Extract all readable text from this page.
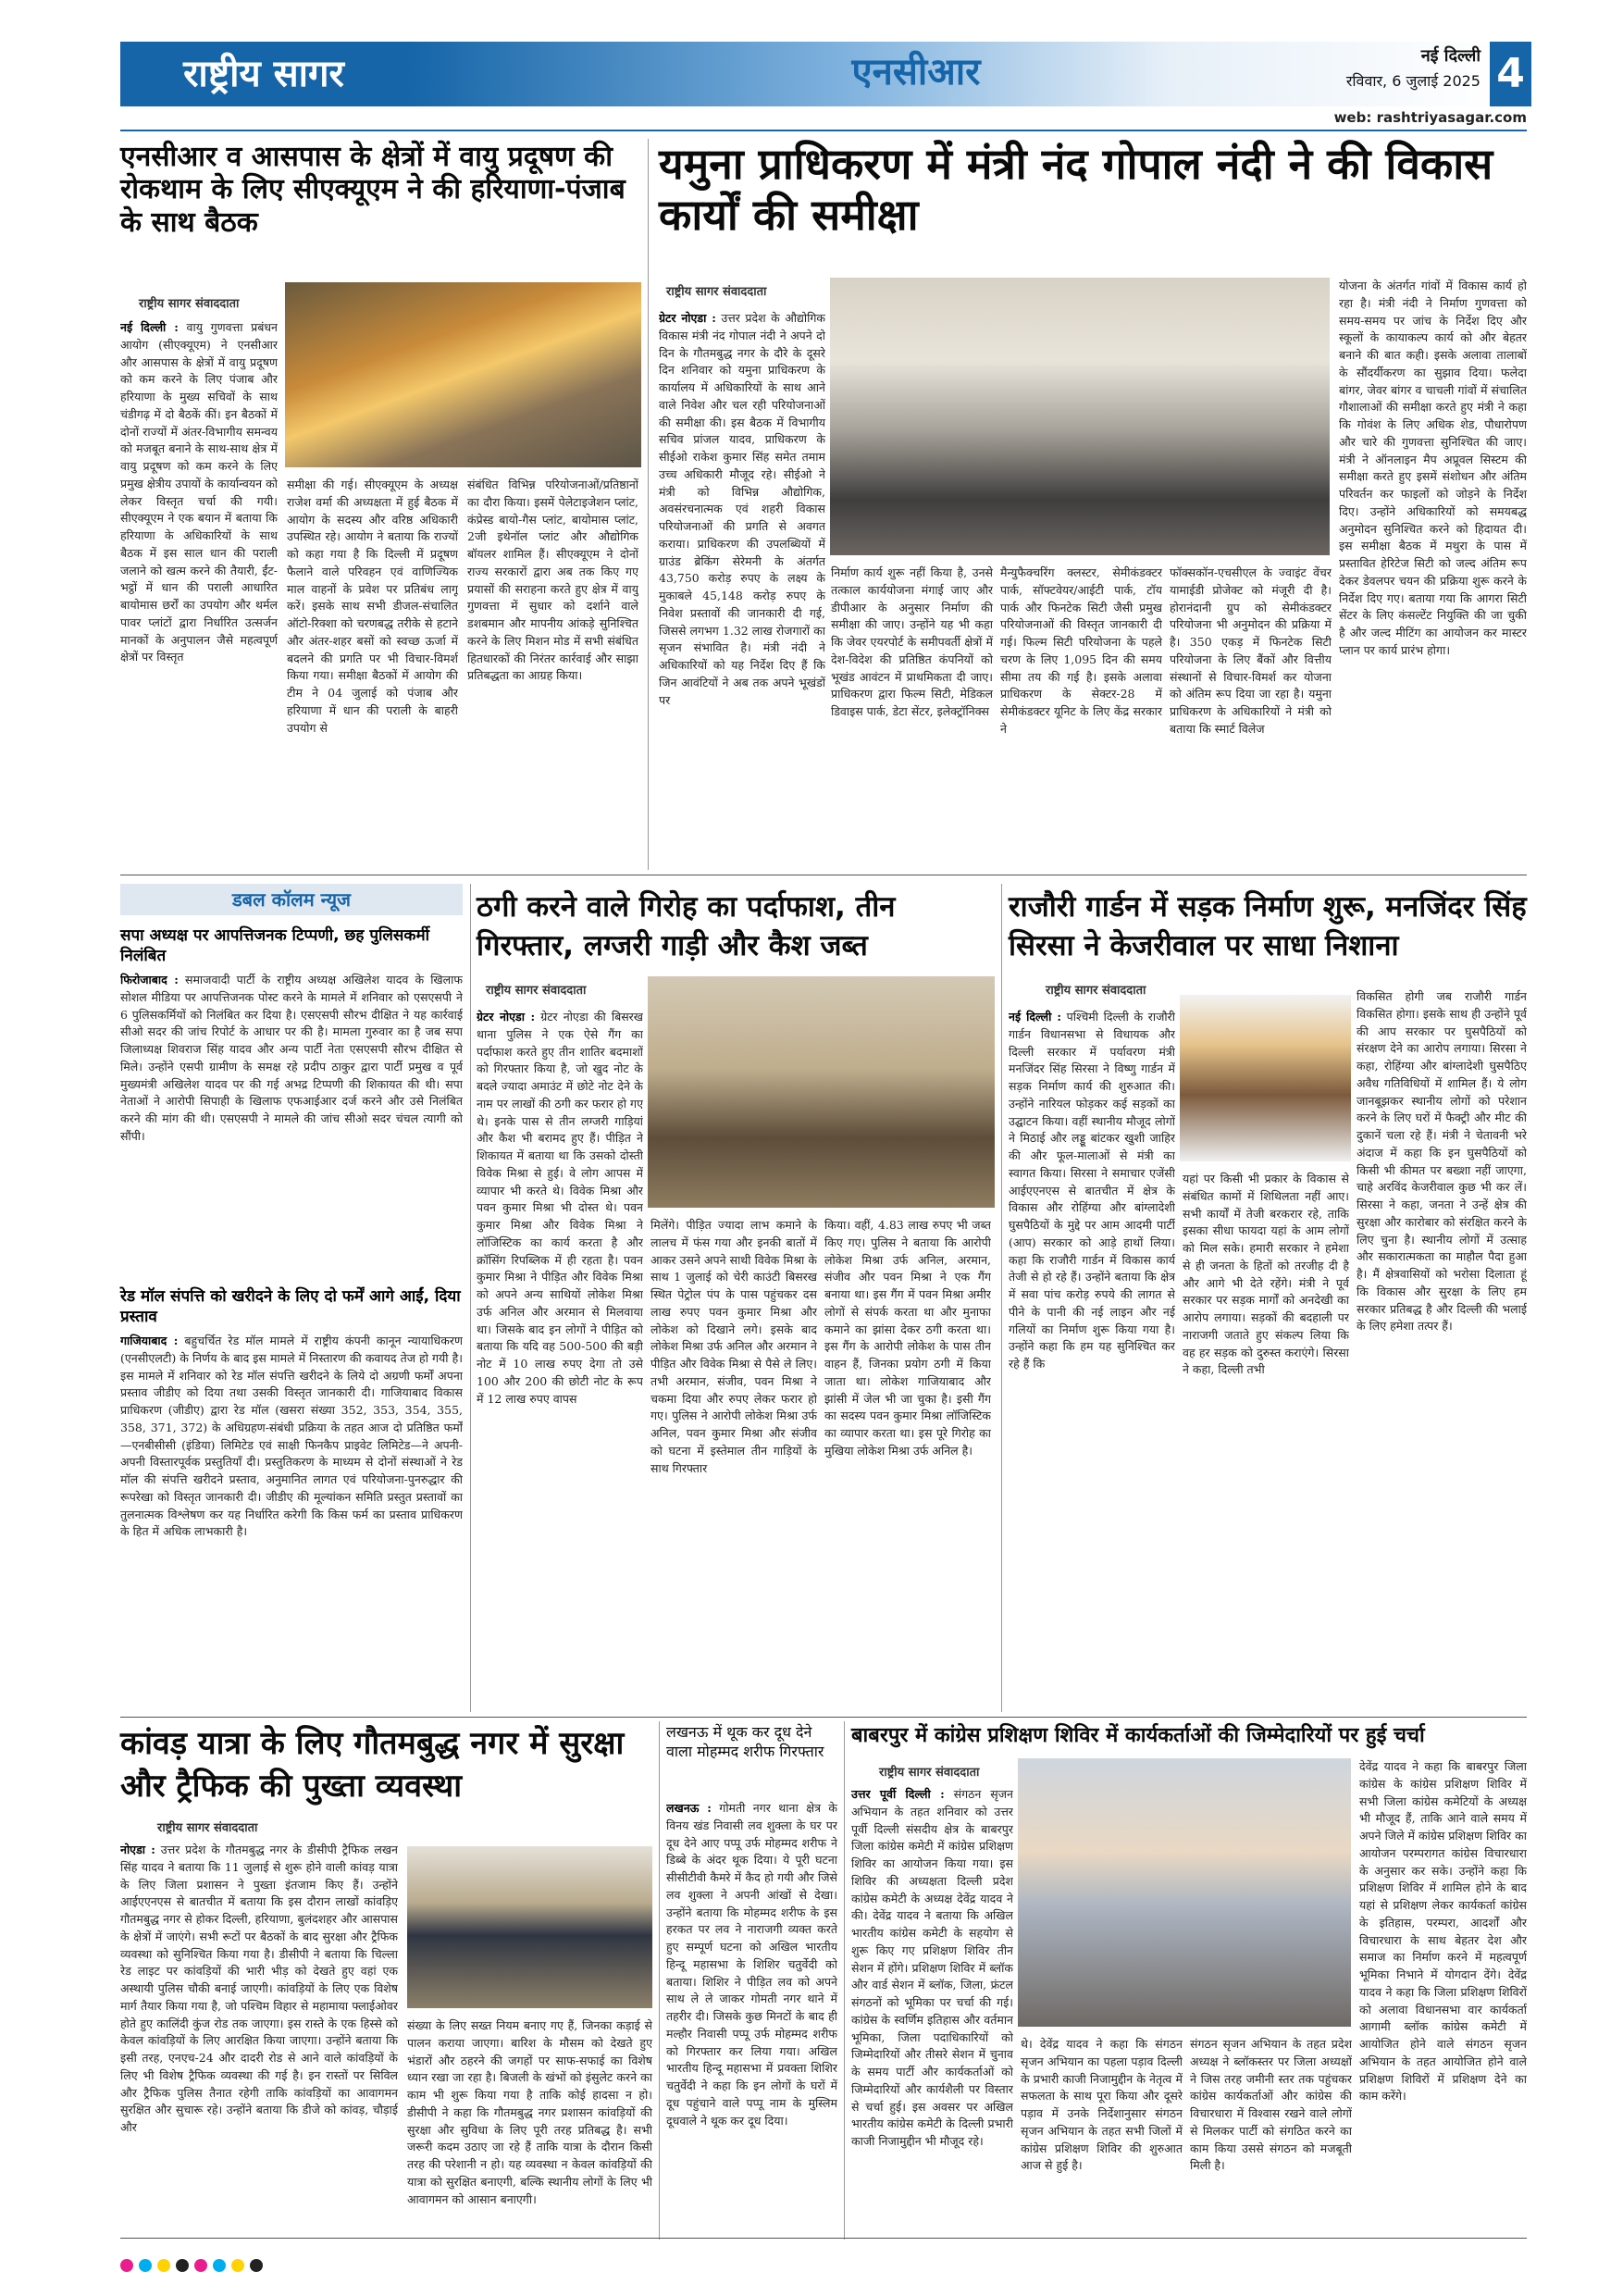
राष्ट्रीय सागर	एनसीआर	नई दिल्ली
रविवार, 6 जुलाई 2025 4
web: rashtriyasagar.com
एनसीआर व आसपास के क्षेत्रों में वायु प्रदूषण की रोकथाम के लिए सीएक्यूएम ने की हरियाणा-पंजाब के साथ बैठक
राष्ट्रीय सागर संवाददाता
नई दिल्ली : वायु गुणवत्ता प्रबंधन आयोग (सीएक्यूएम) ने एनसीआर और आसपास के क्षेत्रों में वायु प्रदूषण को कम करने के लिए पंजाब और हरियाणा के मुख्य सचिवों के साथ चंडीगढ़ में दो बैठकें कीं। इन बैठकों में दोनों राज्यों में अंतर-विभागीय समन्वय को मजबूत बनाने के साथ-साथ क्षेत्र में वायु प्रदूषण को कम करने के लिए प्रमुख क्षेत्रीय उपायों के कार्यान्वयन को लेकर विस्तृत चर्चा की गयी। सीएक्यूएम ने एक बयान में बताया कि हरियाणा के अधिकारियों के साथ बैठक में इस साल धान की पराली जलाने को खत्म करने की तैयारी, ईंट-भट्ठों में धान की पराली आधारित बायोमास छर्रों का उपयोग और थर्मल पावर प्लांटों द्वारा निर्धारित उत्सर्जन मानकों के अनुपालन जैसे महत्वपूर्ण क्षेत्रों पर विस्तृत
समीक्षा की गई। सीएक्यूएम के अध्यक्ष राजेश वर्मा की अध्यक्षता में हुई बैठक में आयोग के सदस्य और वरिष्ठ अधिकारी उपस्थित रहे। आयोग ने बताया कि राज्यों को कहा गया है कि दिल्ली में प्रदूषण फैलाने वाले परिवहन एवं वाणिज्यिक माल वाहनों के प्रवेश पर प्रतिबंध लागू करें। इसके साथ सभी डीजल-संचालित ऑटो-रिक्शा को चरणबद्ध तरीके से हटाने और अंतर-शहर बसों को स्वच्छ ऊर्जा में बदलने की प्रगति पर भी विचार-विमर्श किया गया। समीक्षा बैठकों में आयोग की टीम ने 04 जुलाई को पंजाब और हरियाणा में धान की पराली के बाहरी उपयोग से
संबंधित विभिन्न परियोजनाओं/प्रतिष्ठानों का दौरा किया। इसमें पेलेटाइजेशन प्लांट, कंप्रेस्ड बायो-गैस प्लांट, बायोमास प्लांट, 2जी इथेनॉल प्लांट और औद्योगिक बॉयलर शामिल हैं। सीएक्यूएम ने दोनों राज्य सरकारों द्वारा अब तक किए गए प्रयासों की सराहना करते हुए क्षेत्र में वायु गुणवत्ता में सुधार को दर्शाने वाले डशबमान और मापनीय आंकड़े सुनिश्चित करने के लिए मिशन मोड में सभी संबंधित हितधारकों की निरंतर कार्रवाई और साझा प्रतिबद्धता का आग्रह किया।
यमुना प्राधिकरण में मंत्री नंद गोपाल नंदी ने की विकास कार्यों की समीक्षा
राष्ट्रीय सागर संवाददाता
ग्रेटर नोएडा : उत्तर प्रदेश के औद्योगिक विकास मंत्री नंद गोपाल नंदी ने अपने दो दिन के गौतमबुद्ध नगर के दौरे के दूसरे दिन शनिवार को यमुना प्राधिकरण के कार्यालय में अधिकारियों के साथ आने वाले निवेश और चल रही परियोजनाओं की समीक्षा की। इस बैठक में विभागीय सचिव प्रांजल यादव, प्राधिकरण के सीईओ राकेश कुमार सिंह समेत तमाम उच्च अधिकारी मौजूद रहे। सीईओ ने मंत्री को विभिन्न औद्योगिक, अवसंरचनात्मक एवं शहरी विकास परियोजनाओं की प्रगति से अवगत कराया। प्राधिकरण की उपलब्धियों में ग्राउंड ब्रेकिंग सेरेमनी के अंतर्गत 43,750 करोड़ रुपए के लक्ष्य के मुकाबले 45,148 करोड़ रुपए के निवेश प्रस्तावों की जानकारी दी गई, जिससे लगभग 1.32 लाख रोजगारों का सृजन संभावित है। मंत्री नंदी ने अधिकारियों को यह निर्देश दिए हैं कि जिन आवंटियों ने अब तक अपने भूखंडों पर
निर्माण कार्य शुरू नहीं किया है, उनसे तत्काल कार्ययोजना मंगाई जाए और डीपीआर के अनुसार निर्माण की समीक्षा की जाए। उन्होंने यह भी कहा कि जेवर एयरपोर्ट के समीपवर्ती क्षेत्रों में देश-विदेश की प्रतिष्ठित कंपनियों को भूखंड आवंटन में प्राथमिकता दी जाए। प्राधिकरण द्वारा फिल्म सिटी, मेडिकल डिवाइस पार्क, डेटा सेंटर, इलेक्ट्रॉनिक्स
मैन्युफैक्चरिंग क्लस्टर, सेमीकंडक्टर पार्क, सॉफ्टवेयर/आईटी पार्क, टॉय पार्क और फिनटेक सिटी जैसी प्रमुख परियोजनाओं की विस्तृत जानकारी दी गई। फिल्म सिटी परियोजना के पहले चरण के लिए 1,095 दिन की समय सीमा तय की गई है। इसके अलावा प्राधिकरण के सेक्टर-28 में सेमीकंडक्टर यूनिट के लिए केंद्र सरकार ने
फॉक्सकॉन-एचसीएल के ज्वाइंट वेंचर यामाईडी प्रोजेक्ट को मंजूरी दी है। होरानंदानी ग्रुप को सेमीकंडक्टर परियोजना भी अनुमोदन की प्रक्रिया में है। 350 एकड़ में फिनटेक सिटी परियोजना के लिए बैंकों और वित्तीय संस्थानों से विचार-विमर्श कर योजना को अंतिम रूप दिया जा रहा है। यमुना प्राधिकरण के अधिकारियों ने मंत्री को बताया कि स्मार्ट विलेज
योजना के अंतर्गत गांवों में विकास कार्य हो रहा है। मंत्री नंदी ने निर्माण गुणवत्ता को समय-समय पर जांच के निर्देश दिए और स्कूलों के कायाकल्प कार्य को और बेहतर बनाने की बात कही। इसके अलावा तालाबों के सौंदर्यीकरण का सुझाव दिया। फलेदा बांगर, जेवर बांगर व चाचली गांवों में संचालित गौशालाओं की समीक्षा करते हुए मंत्री ने कहा कि गोवंश के लिए अधिक शेड, पौधारोपण और चारे की गुणवत्ता सुनिश्चित की जाए। मंत्री ने ऑनलाइन मैप अप्रूवल सिस्टम की समीक्षा करते हुए इसमें संशोधन और अंतिम परिवर्तन कर फाइलों को जोड़ने के निर्देश दिए। उन्होंने अधिकारियों को समयबद्ध अनुमोदन सुनिश्चित करने को हिदायत दी। इस समीक्षा बैठक में मथुरा के पास में प्रस्तावित हेरिटेज सिटी को जल्द अंतिम रूप देकर डेवलपर चयन की प्रक्रिया शुरू करने के निर्देश दिए गए। बताया गया कि आगरा सिटी सेंटर के लिए कंसल्टेंट नियुक्ति की जा चुकी है और जल्द मीटिंग का आयोजन कर मास्टर प्लान पर कार्य प्रारंभ होगा।
डबल कॉलम न्यूज
सपा अध्यक्ष पर आपत्तिजनक टिप्पणी, छह पुलिसकर्मी निलंबित
फिरोजाबाद : समाजवादी पार्टी के राष्ट्रीय अध्यक्ष अखिलेश यादव के खिलाफ सोशल मीडिया पर आपत्तिजनक पोस्ट करने के मामले में शनिवार को एसएसपी ने 6 पुलिसकर्मियों को निलंबित कर दिया है। एसएसपी सौरभ दीक्षित ने यह कार्रवाई सीओ सदर की जांच रिपोर्ट के आधार पर की है। मामला गुरुवार का है जब सपा जिलाध्यक्ष शिवराज सिंह यादव और अन्य पार्टी नेता एसएसपी सौरभ दीक्षित से मिले। उन्होंने एसपी ग्रामीण के समक्ष रहे प्रदीप ठाकुर द्वारा पार्टी प्रमुख व पूर्व मुख्यमंत्री अखिलेश यादव पर की गई अभद्र टिप्पणी की शिकायत की थी। सपा नेताओं ने आरोपी सिपाही के खिलाफ एफआईआर दर्ज करने और उसे निलंबित करने की मांग की थी। एसएसपी ने मामले की जांच सीओ सदर चंचल त्यागी को सौंपी।
रेड मॉल संपत्ति को खरीदने के लिए दो फर्में आगे आईं, दिया प्रस्ताव
गाजियाबाद : बहुचर्चित रेड मॉल मामले में राष्ट्रीय कंपनी कानून न्यायाधिकरण (एनसीएलटी) के निर्णय के बाद इस मामले में निस्तारण की कवायद तेज हो गयी है। इस मामले में शनिवार को रेड मॉल संपत्ति खरीदने के लिये दो अग्रणी फर्मों अपना प्रस्ताव जीडीए को दिया तथा उसकी विस्तृत जानकारी दी। गाजियाबाद विकास प्राधिकरण (जीडीए) द्वारा रेड मॉल (खसरा संख्या 352, 353, 354, 355, 358, 371, 372) के अधिग्रहण-संबंधी प्रक्रिया के तहत आज दो प्रतिष्ठित फर्मों—एनबीसीसी (इंडिया) लिमिटेड एवं साक्षी फिनकैप प्राइवेट लिमिटेड—ने अपनी-अपनी विस्तारपूर्वक प्रस्तुतियाँ दी। प्रस्तुतिकरण के माध्यम से दोनों संस्थाओं ने रेड मॉल की संपत्ति खरीदने प्रस्ताव, अनुमानित लागत एवं परियोजना-पुनरुद्धार की रूपरेखा को विस्तृत जानकारी दी। जीडीए की मूल्यांकन समिति प्रस्तुत प्रस्तावों का तुलनात्मक विश्लेषण कर यह निर्धारित करेगी कि किस फर्म का प्रस्ताव प्राधिकरण के हित में अधिक लाभकारी है।
ठगी करने वाले गिरोह का पर्दाफाश, तीन गिरफ्तार, लग्जरी गाड़ी और कैश जब्त
राष्ट्रीय सागर संवाददाता
ग्रेटर नोएडा : ग्रेटर नोएडा की बिसरख थाना पुलिस ने एक ऐसे गैंग का पर्दाफाश करते हुए तीन शातिर बदमाशों को गिरफ्तार किया है, जो खुद नोट के बदले ज्यादा अमाउंट में छोटे नोट देने के नाम पर लाखों की ठगी कर फरार हो गए थे। इनके पास से तीन लग्जरी गाड़ियां और कैश भी बरामद हुए हैं। पीड़ित ने शिकायत में बताया था कि उसको दोस्ती विवेक मिश्रा से हुई। वे लोग आपस में व्यापार भी करते थे। विवेक मिश्रा और पवन कुमार मिश्रा भी दोस्त थे। पवन कुमार मिश्रा और विवेक मिश्रा ने लॉजिस्टिक का कार्य करता है और क्रॉसिंग रिपब्लिक में ही रहता है। पवन कुमार मिश्रा ने पीड़ित और विवेक मिश्रा को अपने अन्य साथियों लोकेश मिश्रा उर्फ अनिल और अरमान से मिलवाया था। जिसके बाद इन लोगों ने पीड़ित को बताया कि यदि वह 500-500 की बड़ी नोट में 10 लाख रुपए देगा तो उसे 100 और 200 की छोटी नोट के रूप में 12 लाख रुपए वापस
मिलेंगे। पीड़ित ज्यादा लाभ कमाने के लालच में फंस गया और इनकी बातों में आकर उसने अपने साथी विवेक मिश्रा के साथ 1 जुलाई को चेरी काउंटी बिसरख स्थित पेट्रोल पंप के पास पहुंचकर दस लाख रुपए पवन कुमार मिश्रा और लोकेश को दिखाने लगे। इसके बाद लोकेश मिश्रा उर्फ अनिल और अरमान ने पीड़ित और विवेक मिश्रा से पैसे ले लिए। तभी अरमान, संजीव, पवन मिश्रा ने चकमा दिया और रुपए लेकर फरार हो गए। पुलिस ने आरोपी लोकेश मिश्रा उर्फ अनिल, पवन कुमार मिश्रा और संजीव को घटना में इस्तेमाल तीन गाड़ियों के साथ गिरफ्तार
किया। वहीं, 4.83 लाख रुपए भी जब्त किए गए। पुलिस ने बताया कि आरोपी लोकेश मिश्रा उर्फ अनिल, अरमान, संजीव और पवन मिश्रा ने एक गैंग बनाया था। इस गैंग में पवन मिश्रा अमीर लोगों से संपर्क करता था और मुनाफा कमाने का झांसा देकर ठगी करता था। इस गैंग के आरोपी लोकेश के पास तीन वाहन हैं, जिनका प्रयोग ठगी में किया जाता था। लोकेश गाजियाबाद और झांसी में जेल भी जा चुका है। इसी गैंग का सदस्य पवन कुमार मिश्रा लॉजिस्टिक का व्यापार करता था। इस पूरे गिरोह का मुखिया लोकेश मिश्रा उर्फ अनिल है।
राजौरी गार्डन में सड़क निर्माण शुरू, मनजिंदर सिंह सिरसा ने केजरीवाल पर साधा निशाना
राष्ट्रीय सागर संवाददाता
नई दिल्ली : पश्चिमी दिल्ली के राजौरी गार्डन विधानसभा से विधायक और दिल्ली सरकार में पर्यावरण मंत्री मनजिंदर सिंह सिरसा ने विष्णु गार्डन में सड़क निर्माण कार्य की शुरुआत की। उन्होंने नारियल फोड़कर कई सड़कों का उद्घाटन किया। वहीं स्थानीय मौजूद लोगों ने मिठाई और लड्डू बांटकर खुशी जाहिर की और फूल-मालाओं से मंत्री का स्वागत किया। सिरसा ने समाचार एजेंसी आईएएनएस से बातचीत में क्षेत्र के विकास और रोहिंग्या और बांग्लादेशी घुसपैठियों के मुद्दे पर आम आदमी पार्टी (आप) सरकार को आड़े हाथों लिया। कहा कि राजौरी गार्डन में विकास कार्य तेजी से हो रहे हैं। उन्होंने बताया कि क्षेत्र में सवा पांच करोड़ रुपये की लागत से पीने के पानी की नई लाइन और नई गलियों का निर्माण शुरू किया गया है। उन्होंने कहा कि हम यह सुनिश्चित कर रहे हैं कि
यहां पर किसी भी प्रकार के विकास से संबंधित कामों में शिथिलता नहीं आए। सभी कार्यों में तेजी बरकरार रहे, ताकि इसका सीधा फायदा यहां के आम लोगों को मिल सके। हमारी सरकार ने हमेशा से ही जनता के हितों को तरजीह दी है और आगे भी देते रहेंगे। मंत्री ने पूर्व सरकार पर सड़क मार्गों को अनदेखी का आरोप लगाया। सड़कों की बदहाली पर नाराजगी जताते हुए संकल्प लिया कि वह हर सड़क को दुरुस्त कराएंगे। सिरसा ने कहा, दिल्ली तभी
विकसित होगी जब राजौरी गार्डन विकसित होगा। इसके साथ ही उन्होंने पूर्व की आप सरकार पर घुसपैठियों को संरक्षण देने का आरोप लगाया। सिरसा ने कहा, रोहिंग्या और बांग्लादेशी घुसपैठिए अवैध गतिविधियों में शामिल हैं। ये लोग जानबूझकर स्थानीय लोगों को परेशान करने के लिए घरों में फैक्ट्री और मीट की दुकानें चला रहे हैं। मंत्री ने चेतावनी भरे अंदाज में कहा कि इन घुसपैठियों को किसी भी कीमत पर बख्शा नहीं जाएगा, चाहे अरविंद केजरीवाल कुछ भी कर लें। सिरसा ने कहा, जनता ने उन्हें क्षेत्र की सुरक्षा और कारोबार को संरक्षित करने के लिए चुना है। स्थानीय लोगों में उत्साह और सकारात्मकता का माहौल पैदा हुआ है। मैं क्षेत्रवासियों को भरोसा दिलाता हूं कि विकास और सुरक्षा के लिए हम सरकार प्रतिबद्ध है और दिल्ली की भलाई के लिए हमेशा तत्पर हैं।
कांवड़ यात्रा के लिए गौतमबुद्ध नगर में सुरक्षा और ट्रैफिक की पुख्ता व्यवस्था
राष्ट्रीय सागर संवाददाता
नोएडा : उत्तर प्रदेश के गौतमबुद्ध नगर के डीसीपी ट्रैफिक लखन सिंह यादव ने बताया कि 11 जुलाई से शुरू होने वाली कांवड़ यात्रा के लिए जिला प्रशासन ने पुख्ता इंतजाम किए हैं। उन्होंने आईएएनएस से बातचीत में बताया कि इस दौरान लाखों कांवड़िए गौतमबुद्ध नगर से होकर दिल्ली, हरियाणा, बुलंदशहर और आसपास के क्षेत्रों में जाएंगे। सभी रूटों पर बैठकों के बाद सुरक्षा और ट्रैफिक व्यवस्था को सुनिश्चित किया गया है। डीसीपी ने बताया कि चिल्ला रेड लाइट पर कांवड़ियों की भारी भीड़ को देखते हुए वहां एक अस्थायी पुलिस चौकी बनाई जाएगी। कांवड़ियों के लिए एक विशेष मार्ग तैयार किया गया है, जो पश्चिम विहार से महामाया फ्लाईओवर होते हुए कालिंदी कुंज रोड तक जाएगा। इस रास्ते के एक हिस्से को केवल कांवड़ियों के लिए आरक्षित किया जाएगा। उन्होंने बताया कि इसी तरह, एनएच-24 और दादरी रोड से आने वाले कांवड़ियों के लिए भी विशेष ट्रैफिक व्यवस्था की गई है। इन रास्तों पर सिविल और ट्रैफिक पुलिस तैनात रहेगी ताकि कांवड़ियों का आवागमन सुरक्षित और सुचारू रहे। उन्होंने बताया कि डीजे को कांवड़, चौड़ाई और
संख्या के लिए सख्त नियम बनाए गए हैं, जिनका कड़ाई से पालन कराया जाएगा। बारिश के मौसम को देखते हुए भंडारों और ठहरने की जगहों पर साफ-सफाई का विशेष ध्यान रखा जा रहा है। बिजली के खंभों को इंसुलेट करने का काम भी शुरू किया गया है ताकि कोई हादसा न हो। डीसीपी ने कहा कि गौतमबुद्ध नगर प्रशासन कांवड़ियों की सुरक्षा और सुविधा के लिए पूरी तरह प्रतिबद्ध है। सभी जरूरी कदम उठाए जा रहे हैं ताकि यात्रा के दौरान किसी तरह की परेशानी न हो। यह व्यवस्था न केवल कांवड़ियों की यात्रा को सुरक्षित बनाएगी, बल्कि स्थानीय लोगों के लिए भी आवागमन को आसान बनाएगी।
लखनऊ में थूक कर दूध देने वाला मोहम्मद शरीफ गिरफ्तार
लखनऊ : गोमती नगर थाना क्षेत्र के विनय खंड निवासी लव शुक्ला के घर पर दूध देने आए पप्पू उर्फ मोहम्मद शरीफ ने डिब्बे के अंदर थूक दिया। ये पूरी घटना सीसीटीवी कैमरे में कैद हो गयी और जिसे लव शुक्ला ने अपनी आंखों से देखा। उन्होंने बताया कि मोहम्मद शरीफ के इस हरकत पर लव ने नाराजगी व्यक्त करते हुए सम्पूर्ण घटना को अखिल भारतीय हिन्दू महासभा के शिशिर चतुर्वेदी को बताया। शिशिर ने पीड़ित लव को अपने साथ ले ले जाकर गोमती नगर थाने में तहरीर दी। जिसके कुछ मिनटों के बाद ही मल्हौर निवासी पप्पू उर्फ मोहम्मद शरीफ को गिरफ्तार कर लिया गया। अखिल भारतीय हिन्दू महासभा में प्रवक्ता शिशिर चतुर्वेदी ने कहा कि इन लोगों के घरों में दूध पहुंचाने वाले पप्पू नाम के मुस्लिम दूधवाले ने थूक कर दूध दिया।
बाबरपुर में कांग्रेस प्रशिक्षण शिविर में कार्यकर्ताओं की जिम्मेदारियों पर हुई चर्चा
राष्ट्रीय सागर संवाददाता
उत्तर पूर्वी दिल्ली : संगठन सृजन अभियान के तहत शनिवार को उत्तर पूर्वी दिल्ली संसदीय क्षेत्र के बाबरपुर जिला कांग्रेस कमेटी में कांग्रेस प्रशिक्षण शिविर का आयोजन किया गया। इस शिविर की अध्यक्षता दिल्ली प्रदेश कांग्रेस कमेटी के अध्यक्ष देवेंद्र यादव ने की। देवेंद्र यादव ने बताया कि अखिल भारतीय कांग्रेस कमेटी के सहयोग से शुरू किए गए प्रशिक्षण शिविर तीन सेशन में होंगे। प्रशिक्षण शिविर में ब्लॉक और वार्ड सेशन में ब्लॉक, जिला, फ्रंटल संगठनों को भूमिका पर चर्चा की गई। कांग्रेस के स्वर्णिम इतिहास और वर्तमान भूमिका, जिला पदाधिकारियों को जिम्मेदारियों और तीसरे सेशन में चुनाव के समय पार्टी और कार्यकर्ताओं को जिम्मेदारियों और कार्यशैली पर विस्तार से चर्चा हुई। इस अवसर पर अखिल भारतीय कांग्रेस कमेटी के दिल्ली प्रभारी काजी निजामुद्दीन भी मौजूद रहे।
थे। देवेंद्र यादव ने कहा कि संगठन सृजन अभियान का पहला पड़ाव दिल्ली के प्रभारी काजी निजामुद्दीन के नेतृत्व में सफलता के साथ पूरा किया और दूसरे पड़ाव में उनके निर्देशानुसार संगठन सृजन अभियान के तहत सभी जिलों में कांग्रेस प्रशिक्षण शिविर की शुरुआत आज से हुई है।
संगठन सृजन अभियान के तहत प्रदेश अध्यक्ष ने ब्लॉकस्तर पर जिला अध्यक्षों ने जिस तरह जमीनी स्तर तक पहुंचकर कांग्रेस कार्यकर्ताओं और कांग्रेस की विचारधारा में विश्वास रखने वाले लोगों से मिलकर पार्टी को संगठित करने का काम किया उससे संगठन को मजबूती मिली है।
देवेंद्र यादव ने कहा कि बाबरपुर जिला कांग्रेस के कांग्रेस प्रशिक्षण शिविर में सभी जिला कांग्रेस कमेटियों के अध्यक्ष भी मौजूद हैं, ताकि आने वाले समय में अपने जिले में कांग्रेस प्रशिक्षण शिविर का आयोजन परम्परागत कांग्रेस विचारधारा के अनुसार कर सके। उन्होंने कहा कि प्रशिक्षण शिविर में शामिल होने के बाद यहां से प्रशिक्षण लेकर कार्यकर्ता कांग्रेस के इतिहास, परम्परा, आदर्शों और विचारधारा के साथ बेहतर देश और समाज का निर्माण करने में महत्वपूर्ण भूमिका निभाने में योगदान देंगे। देवेंद्र यादव ने कहा कि जिला प्रशिक्षण शिविरों को अलावा विधानसभा वार कार्यकर्ता आगामी ब्लॉक कांग्रेस कमेटी में आयोजित होने वाले संगठन सृजन अभियान के तहत आयोजित होने वाले प्रशिक्षण शिविरों में प्रशिक्षण देने का काम करेंगे।
